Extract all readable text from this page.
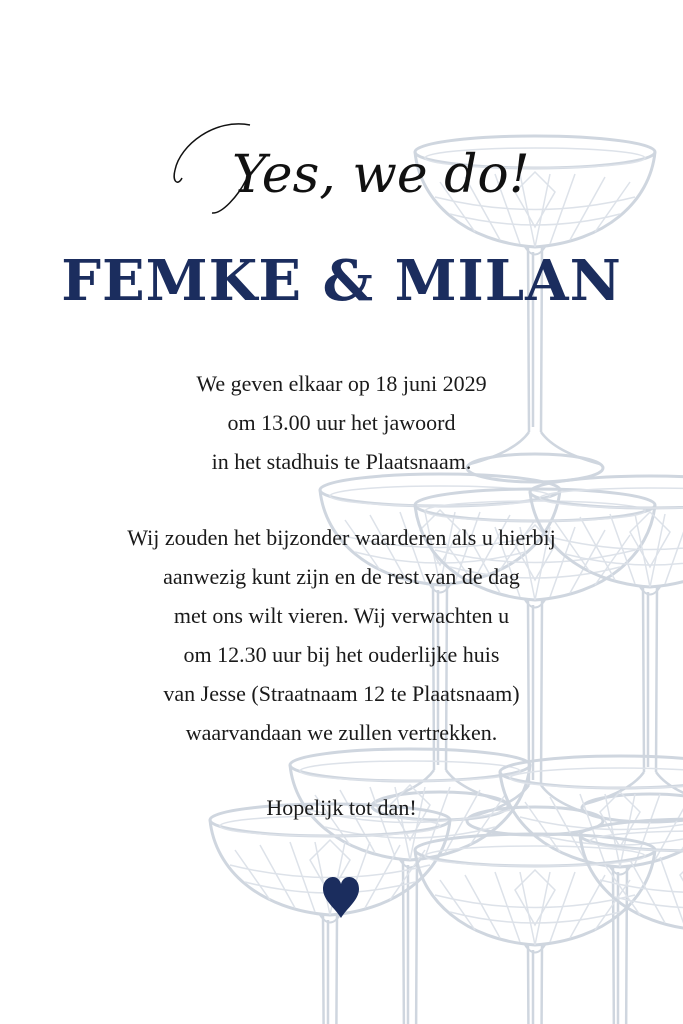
Yes, we do!
FEMKE & MILAN
We geven elkaar op 18 juni 2029
om 13.00 uur het jawoord
in het stadhuis te Plaatsnaam.
Wij zouden het bijzonder waarderen als u hierbij
aanwezig kunt zijn en de rest van de dag
met ons wilt vieren. Wij verwachten u
om 12.30 uur bij het ouderlijke huis
van Jesse (Straatnaam 12 te Plaatsnaam)
waarvandaan we zullen vertrekken.
Hopelijk tot dan!
